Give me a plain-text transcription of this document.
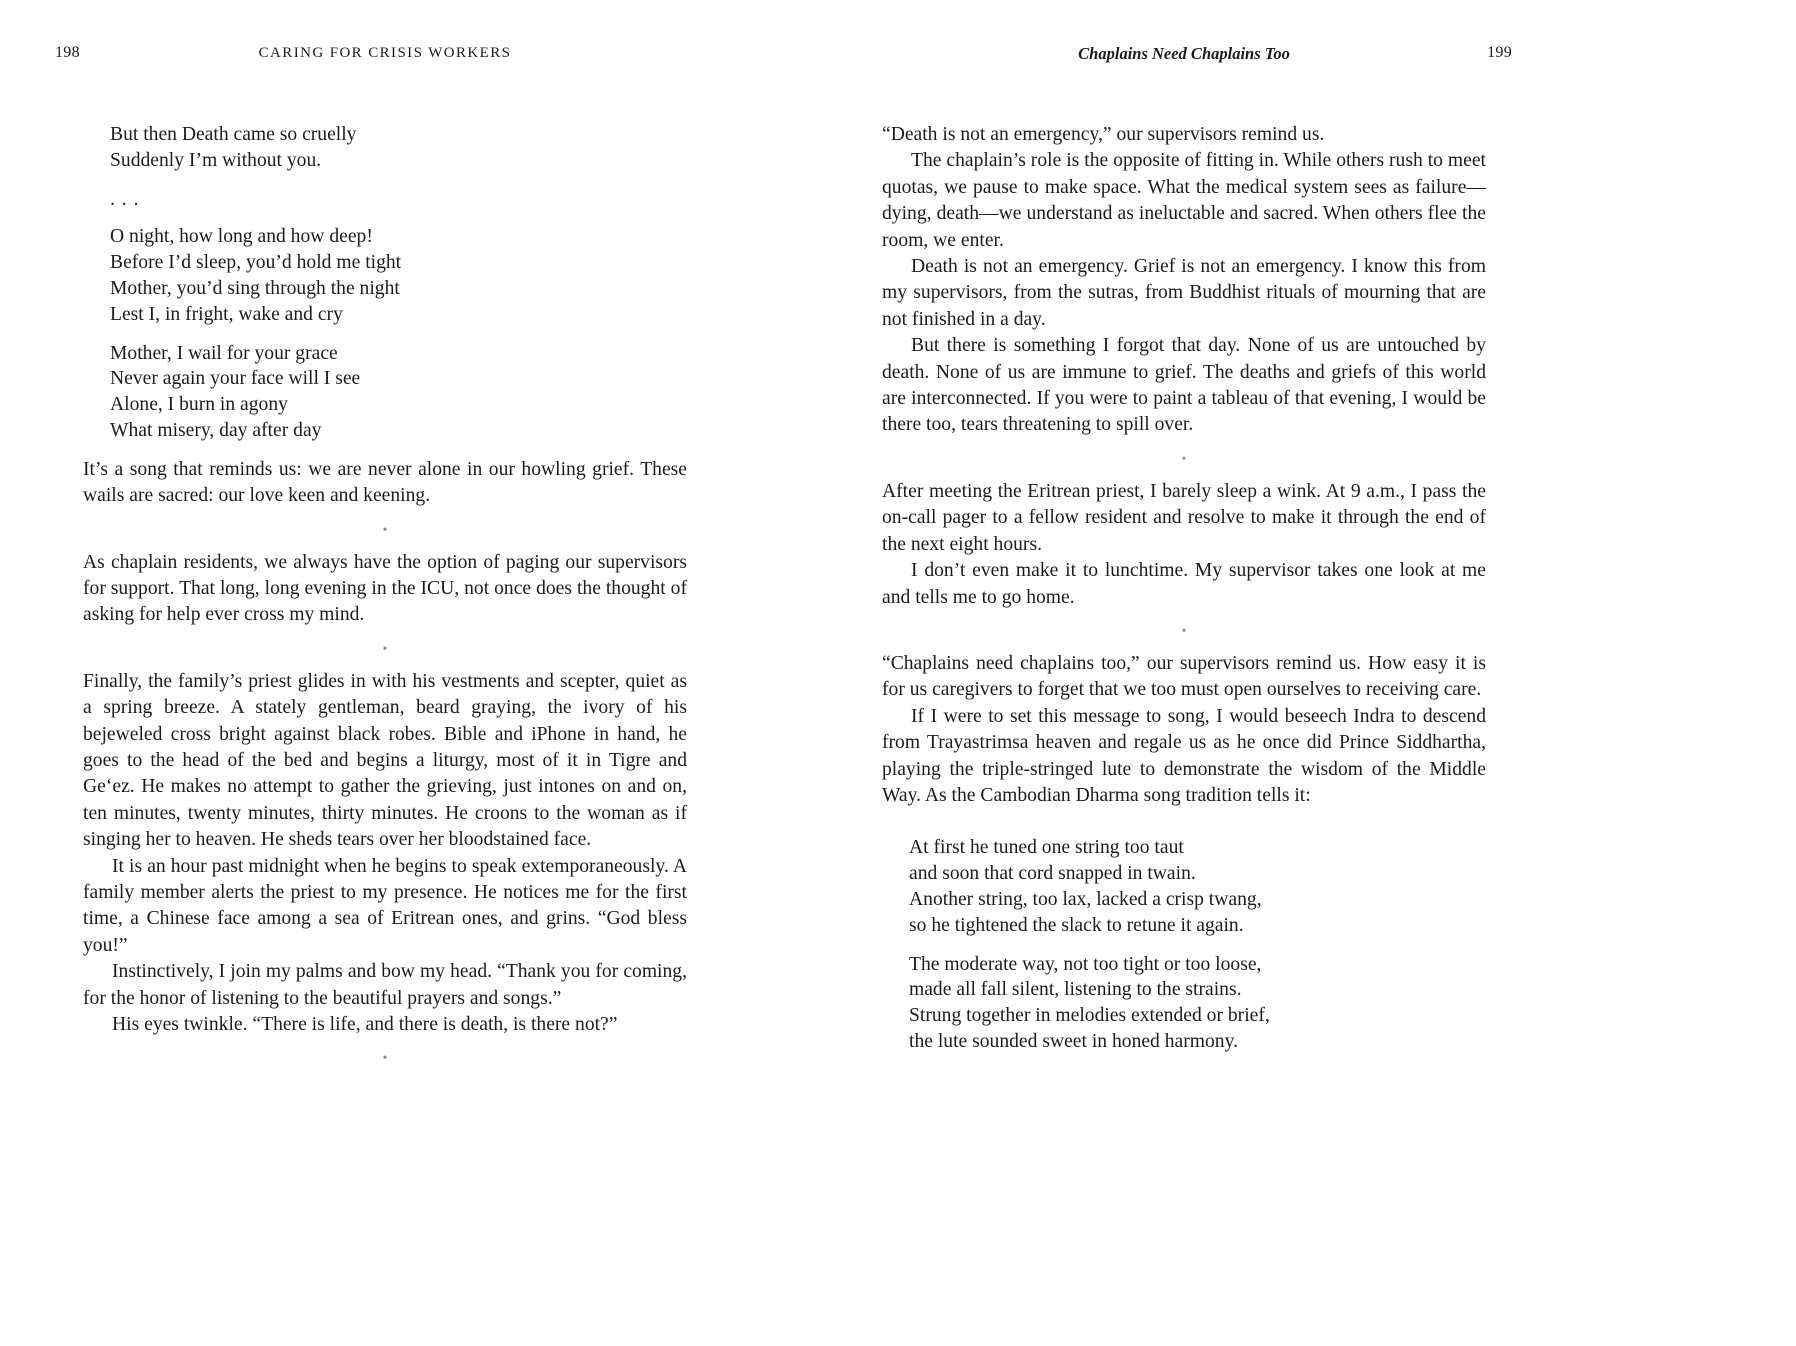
198	CARING FOR CRISIS WORKERS	Chaplains Need Chaplains Too	199
But then Death came so cruelly
Suddenly I’m without you.
. . .
O night, how long and how deep!
Before I’d sleep, you’d hold me tight
Mother, you’d sing through the night
Lest I, in fright, wake and cry
Mother, I wail for your grace
Never again your face will I see
Alone, I burn in agony
What misery, day after day

It’s a song that reminds us: we are never alone in our howling grief. These wails are sacred: our love keen and keening.

•

As chaplain residents, we always have the option of paging our supervisors for support. That long, long evening in the ICU, not once does the thought of asking for help ever cross my mind.

•

Finally, the family’s priest glides in with his vestments and scepter, quiet as a spring breeze. A stately gentleman, beard graying, the ivory of his bejeweled cross bright against black robes. Bible and iPhone in hand, he goes to the head of the bed and begins a liturgy, most of it in Tigre and Ge‘ez. He makes no attempt to gather the grieving, just intones on and on, ten minutes, twenty minutes, thirty minutes. He croons to the woman as if singing her to heaven. He sheds tears over her bloodstained face.

It is an hour past midnight when he begins to speak extemporaneously. A family member alerts the priest to my presence. He notices me for the first time, a Chinese face among a sea of Eritrean ones, and grins. “God bless you!”

Instinctively, I join my palms and bow my head. “Thank you for coming, for the honor of listening to the beautiful prayers and songs.”

His eyes twinkle. “There is life, and there is death, is there not?”

•

“Death is not an emergency,” our supervisors remind us.

The chaplain’s role is the opposite of fitting in. While others rush to meet quotas, we pause to make space. What the medical system sees as failure—dying, death—we understand as ineluctable and sacred. When others flee the room, we enter.

Death is not an emergency. Grief is not an emergency. I know this from my supervisors, from the sutras, from Buddhist rituals of mourning that are not finished in a day.

But there is something I forgot that day. None of us are untouched by death. None of us are immune to grief. The deaths and griefs of this world are interconnected. If you were to paint a tableau of that evening, I would be there too, tears threatening to spill over.

•

After meeting the Eritrean priest, I barely sleep a wink. At 9 a.m., I pass the on-call pager to a fellow resident and resolve to make it through the end of the next eight hours.

I don’t even make it to lunchtime. My supervisor takes one look at me and tells me to go home.

•

“Chaplains need chaplains too,” our supervisors remind us. How easy it is for us caregivers to forget that we too must open ourselves to receiving care.

If I were to set this message to song, I would beseech Indra to descend from Trayastrimsa heaven and regale us as he once did Prince Siddhartha, playing the triple-stringed lute to demonstrate the wisdom of the Middle Way. As the Cambodian Dharma song tradition tells it:

At first he tuned one string too taut
and soon that cord snapped in twain.
Another string, too lax, lacked a crisp twang,
so he tightened the slack to retune it again.
The moderate way, not too tight or too loose,
made all fall silent, listening to the strains.
Strung together in melodies extended or brief,
the lute sounded sweet in honed harmony.
